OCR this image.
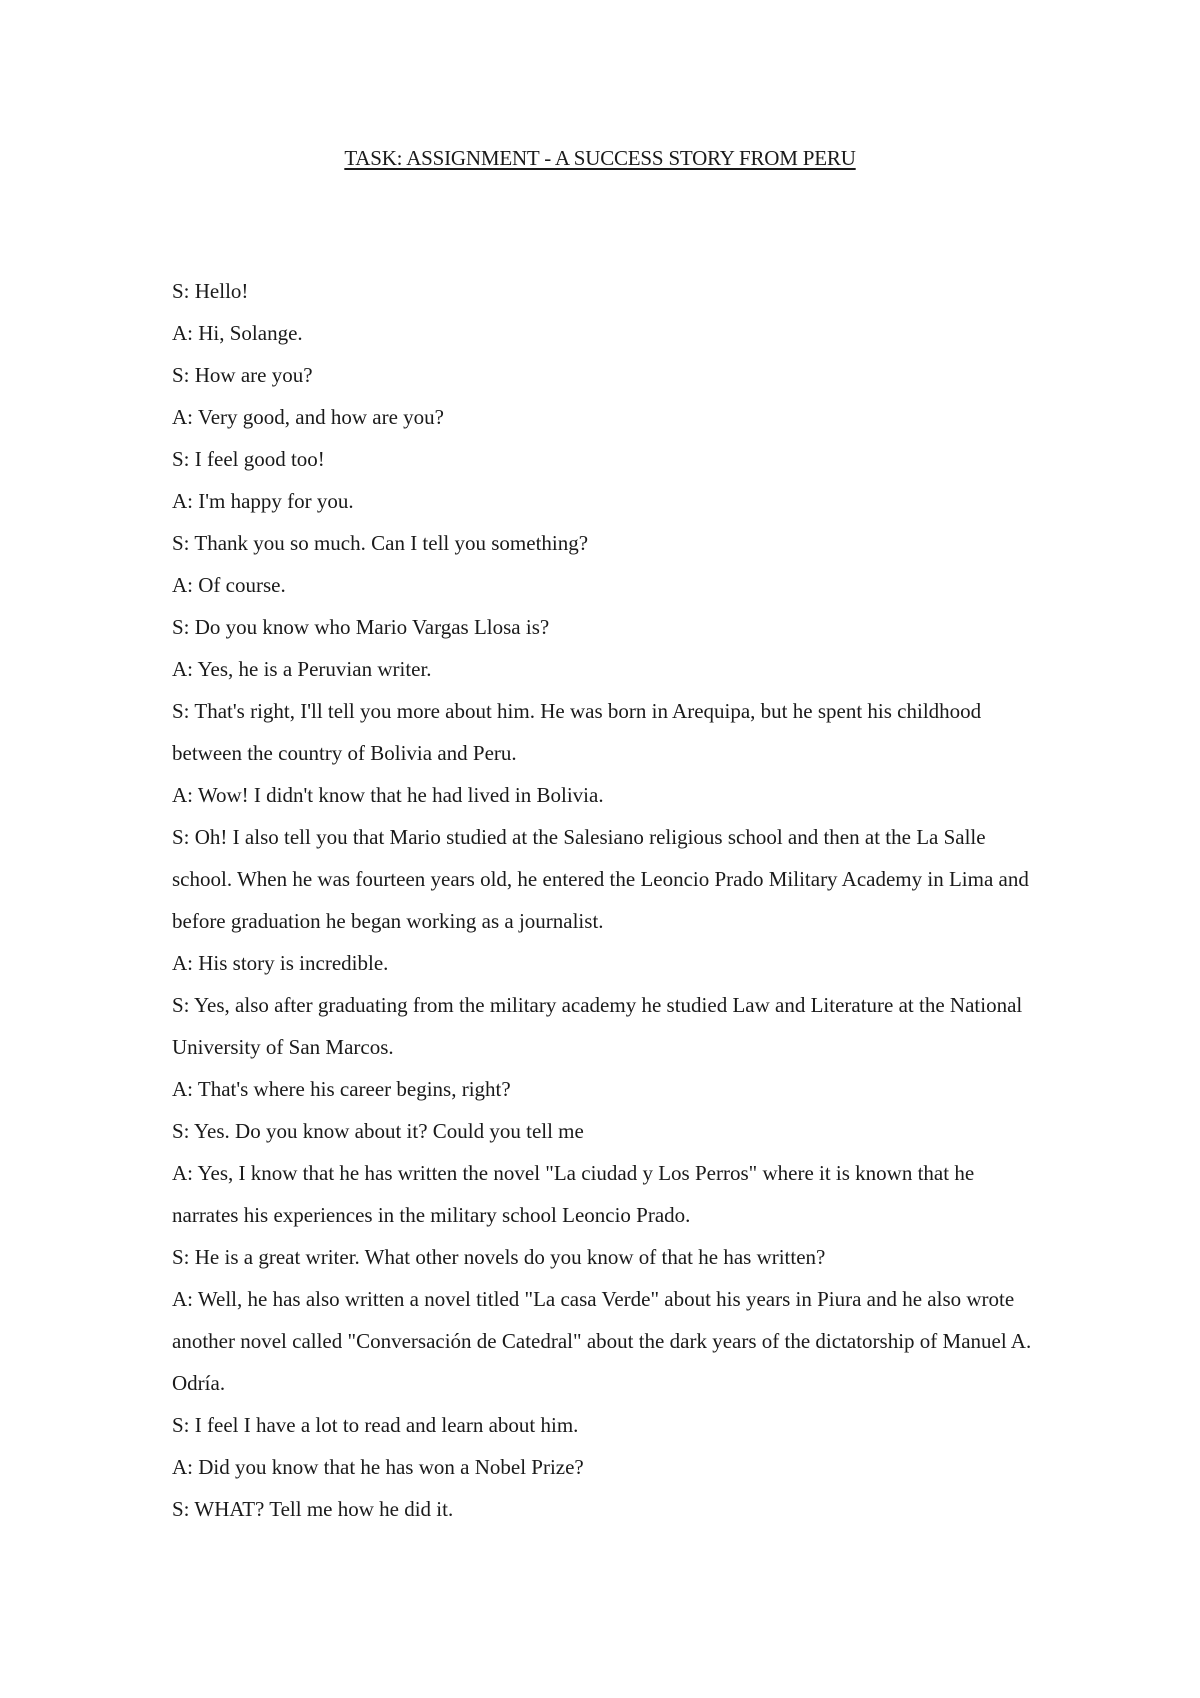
TASK: ASSIGNMENT - A SUCCESS STORY FROM PERU

S: Hello!

A: Hi, Solange.

S: How are you?

A: Very good, and how are you?

S: I feel good too!

A: I'm happy for you.

S: Thank you so much. Can I tell you something?

A: Of course.

S: Do you know who Mario Vargas Llosa is?

A: Yes, he is a Peruvian writer.

S: That's right, I'll tell you more about him. He was born in Arequipa, but he spent his childhood between the country of Bolivia and Peru.

A: Wow! I didn't know that he had lived in Bolivia.

S: Oh! I also tell you that Mario studied at the Salesiano religious school and then at the La Salle school. When he was fourteen years old, he entered the Leoncio Prado Military Academy in Lima and before graduation he began working as a journalist.

A: His story is incredible.

S: Yes, also after graduating from the military academy he studied Law and Literature at the National University of San Marcos.

A: That's where his career begins, right?

S: Yes. Do you know about it? Could you tell me

A: Yes, I know that he has written the novel "La ciudad y Los Perros" where it is known that he narrates his experiences in the military school Leoncio Prado.

S: He is a great writer. What other novels do you know of that he has written?

A: Well, he has also written a novel titled "La casa Verde" about his years in Piura and he also wrote another novel called "Conversación de Catedral" about the dark years of the dictatorship of Manuel A. Odría.

S: I feel I have a lot to read and learn about him.

A: Did you know that he has won a Nobel Prize?

S: WHAT? Tell me how he did it.
